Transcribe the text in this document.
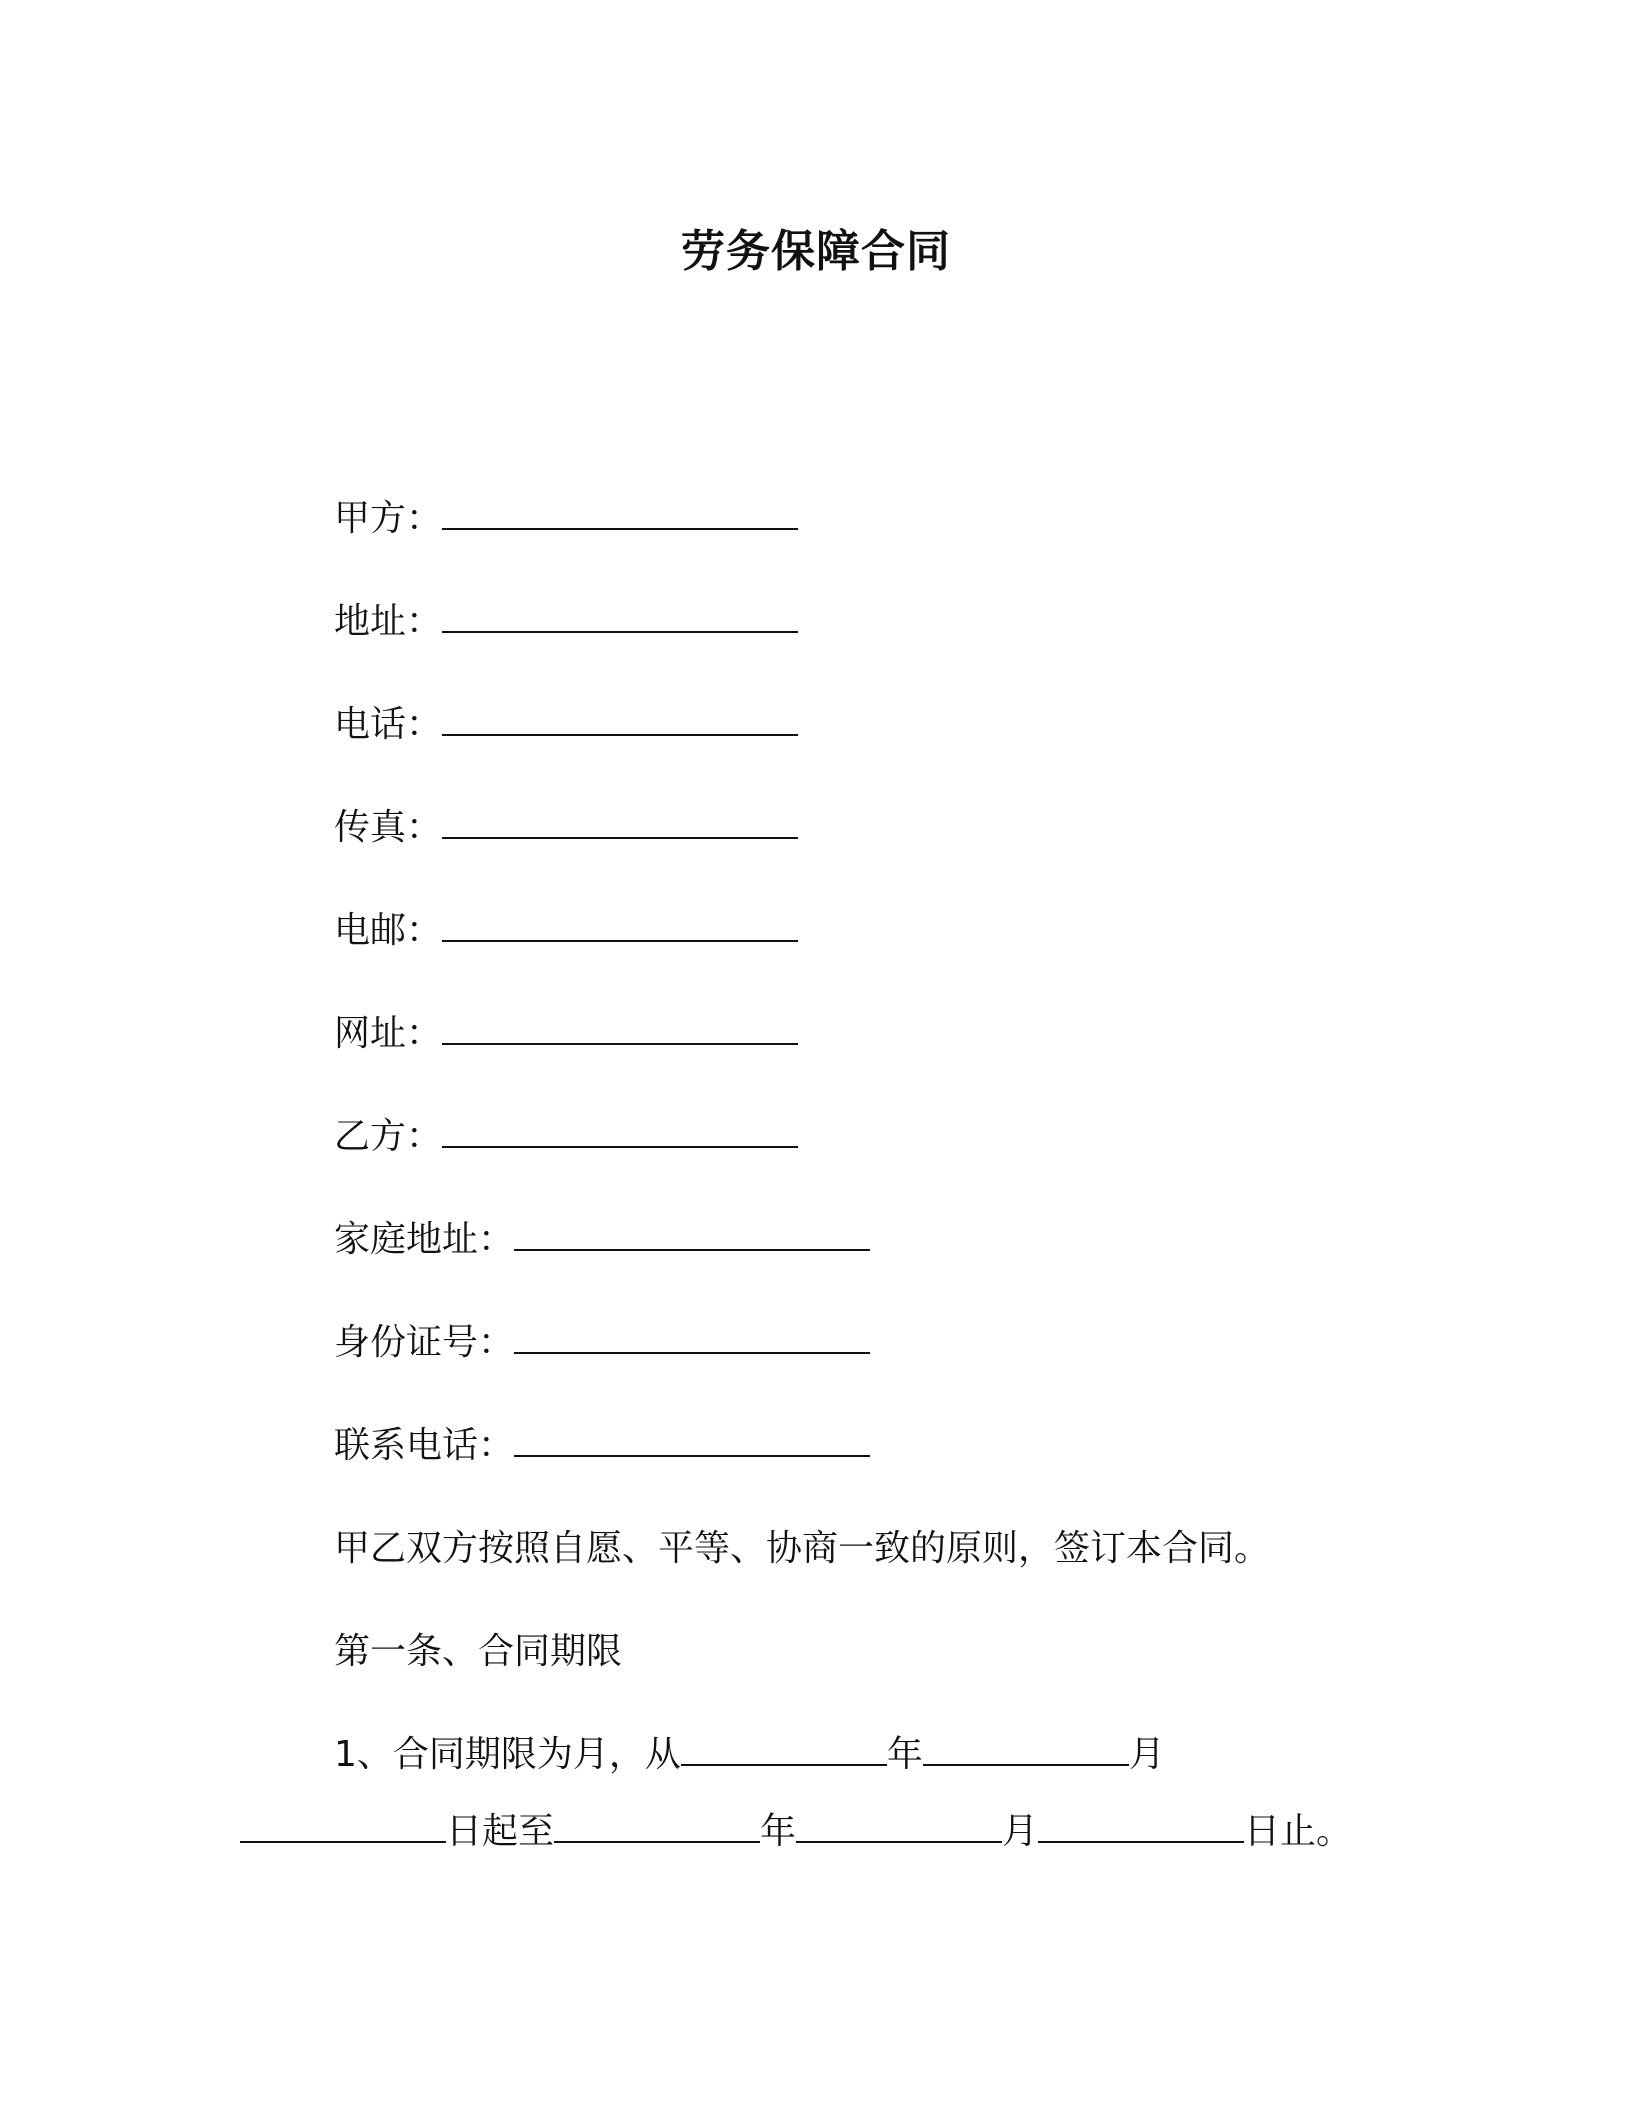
劳务保障合同
甲方：
地址：
电话：
传真：
电邮：
网址：
乙方：
家庭地址：
身份证号：
联系电话：
甲乙双方按照自愿、平等、协商一致的原则，签订本合同。
第一条、合同期限
1、合同期限为月，从	年	月
日起至	年	月	日止。
